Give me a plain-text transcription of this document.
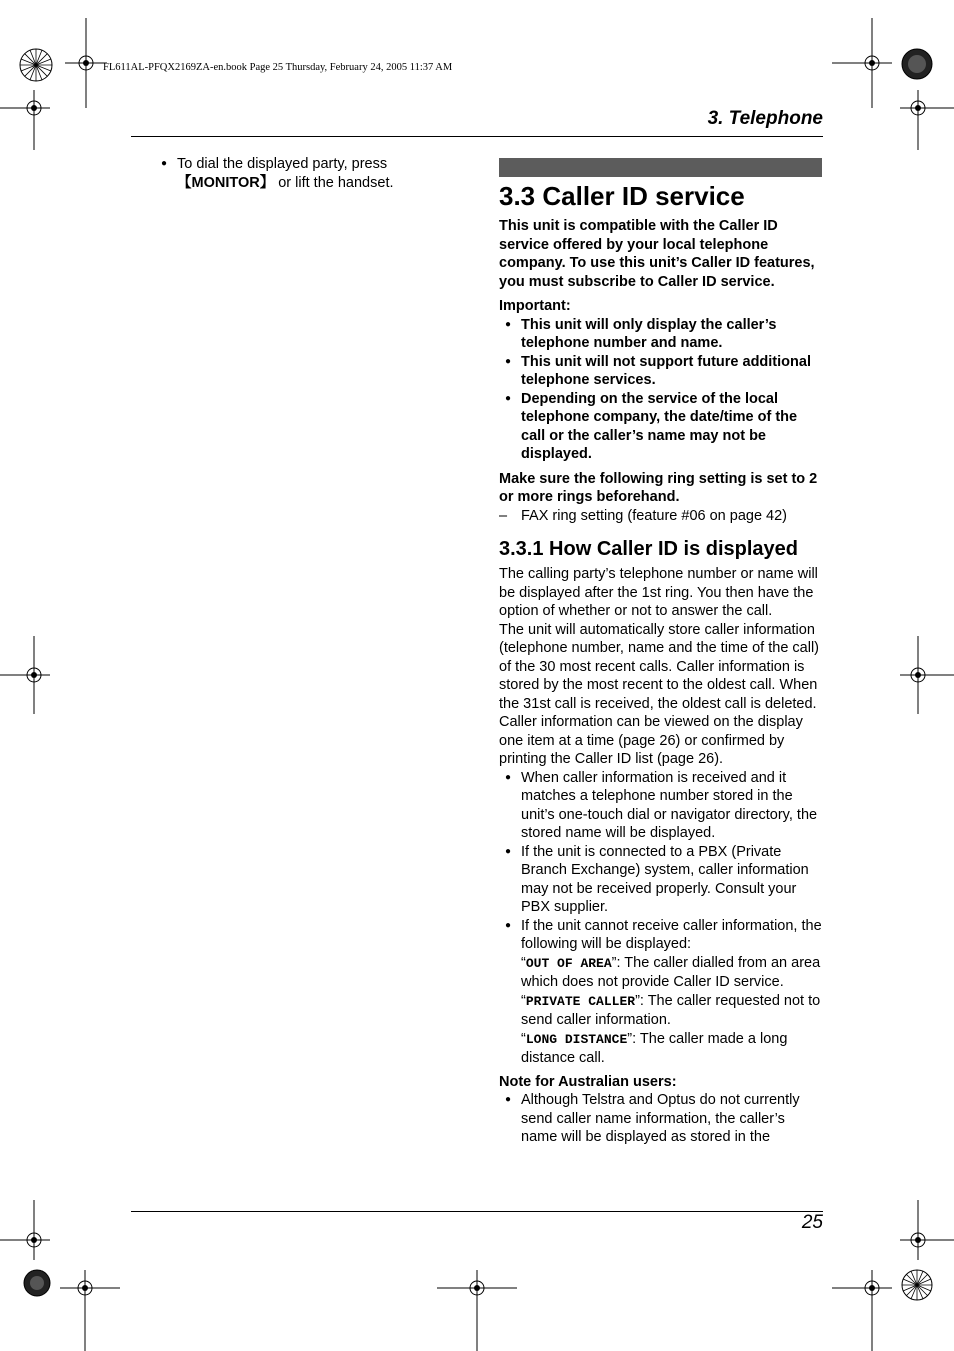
FL611AL-PFQX2169ZA-en.book Page 25 Thursday, February 24, 2005 11:37 AM
3. Telephone
● To dial the displayed party, press
【MONITOR】 or lift the handset.	3.3 Caller ID service

This unit is compatible with the Caller ID service offered by your local telephone company. To use this unit’s Caller ID features, you must subscribe to Caller ID service.

Important:

● This unit will only display the caller’s telephone number and name.
● This unit will not support future additional telephone services.
● Depending on the service of the local telephone company, the date/time of the call or the caller’s name may not be displayed.

Make sure the following ring setting is set to 2 or more rings beforehand.

– FAX ring setting (feature #06 on page 42)
3.3.1 How Caller ID is displayed

The calling party’s telephone number or name will be displayed after the 1st ring. You then have the option of whether or not to answer the call.

The unit will automatically store caller information (telephone number, name and the time of the call) of the 30 most recent calls. Caller information is stored by the most recent to the oldest call. When the 31st call is received, the oldest call is deleted.

Caller information can be viewed on the display one item at a time (page 26) or confirmed by printing the Caller ID list (page 26).

● When caller information is received and it matches a telephone number stored in the unit’s one-touch dial or navigator directory, the stored name will be displayed.
● If the unit is connected to a PBX (Private Branch Exchange) system, caller information may not be received properly. Consult your PBX supplier.
● If the unit cannot receive caller information, the following will be displayed:
“OUT OF AREA”: The caller dialled from an area which does not provide Caller ID service.
“PRIVATE CALLER”: The caller requested not to send caller information.
“LONG DISTANCE”: The caller made a long distance call.

Note for Australian users:

● Although Telstra and Optus do not currently send caller name information, the caller’s name will be displayed as stored in the
25
